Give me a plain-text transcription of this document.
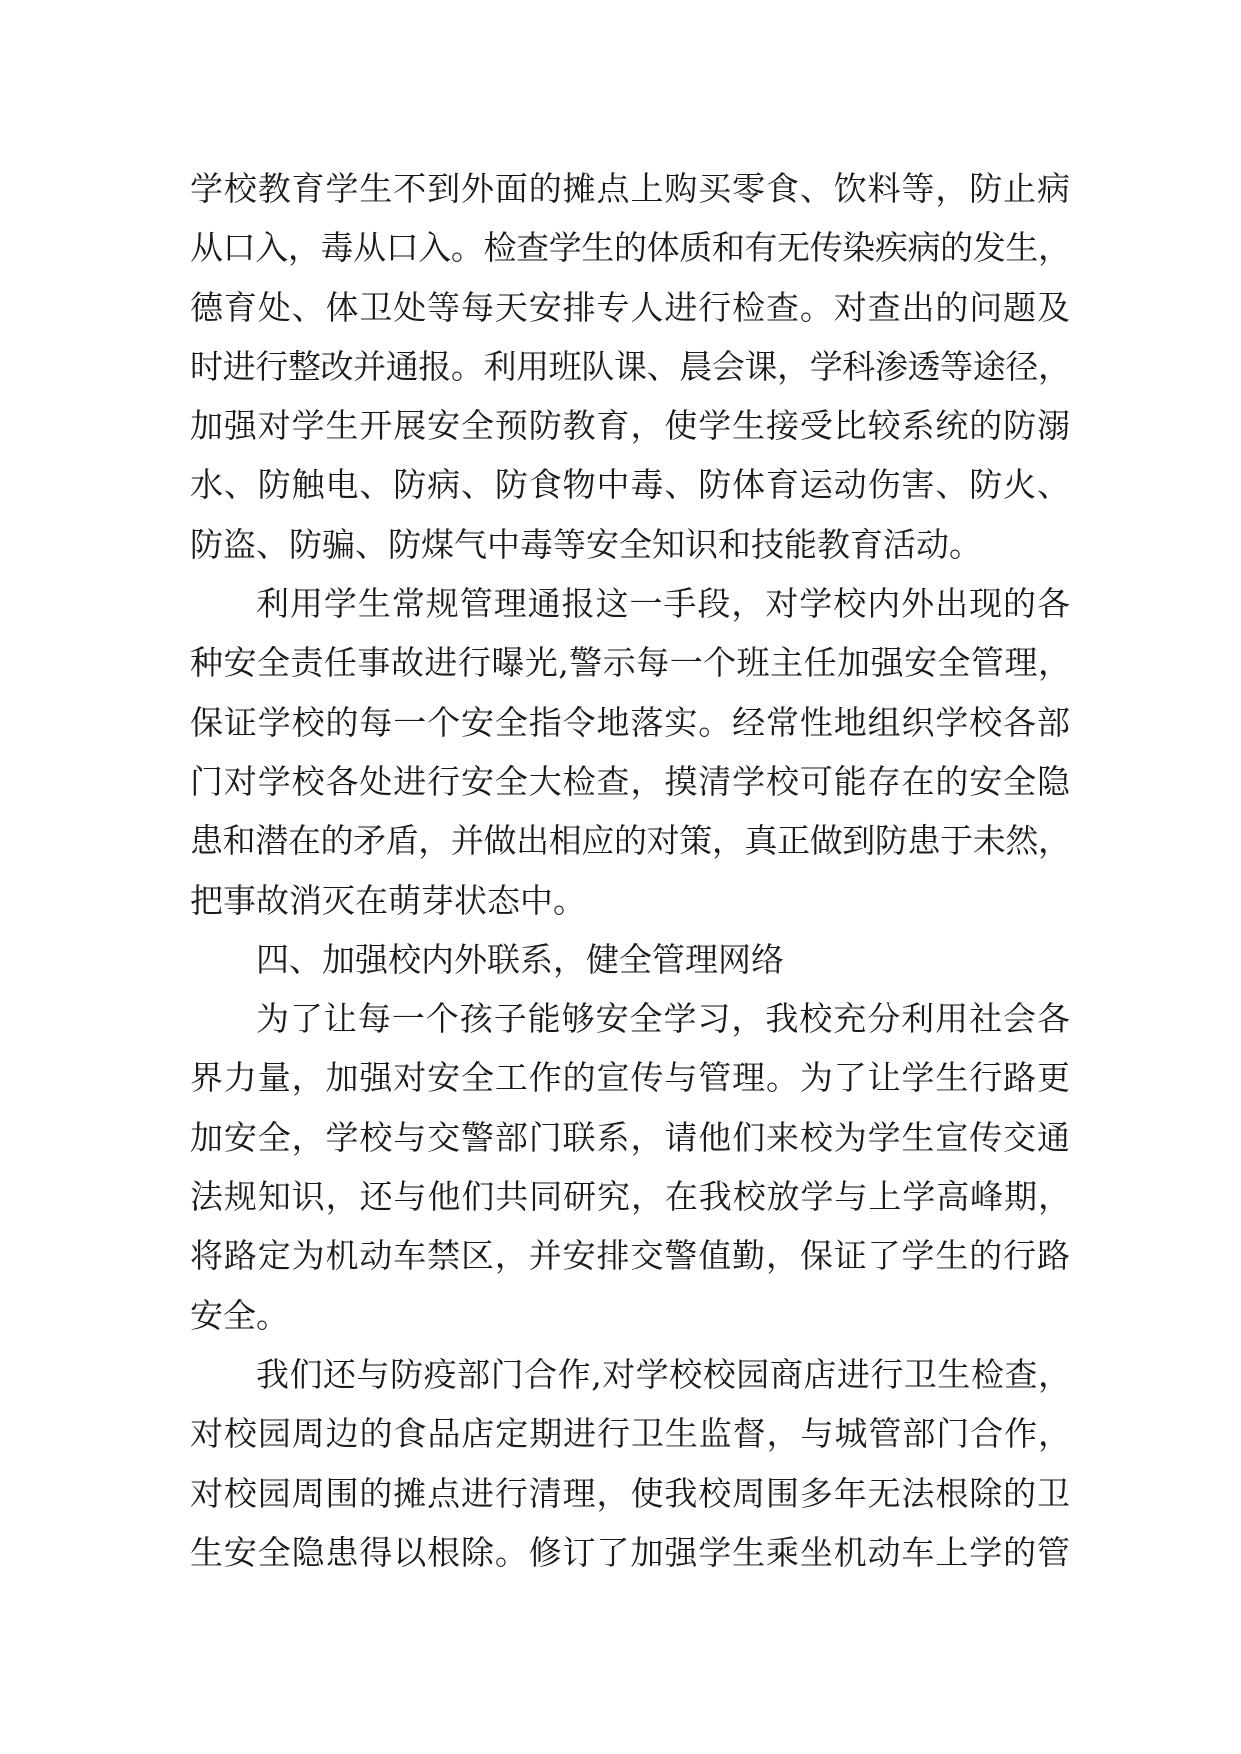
学校教育学生不到外面的摊点上购买零食、饮料等，防止病
从口入，毒从口入。检查学生的体质和有无传染疾病的发生，
德育处、体卫处等每天安排专人进行检查。对查出的问题及
时进行整改并通报。利用班队课、晨会课，学科渗透等途径，
加强对学生开展安全预防教育，使学生接受比较系统的防溺
水、防触电、防病、防食物中毒、防体育运动伤害、防火、
防盗、防骗、防煤气中毒等安全知识和技能教育活动。
利用学生常规管理通报这一手段，对学校内外出现的各
种安全责任事故进行曝光,警示每一个班主任加强安全管理，
保证学校的每一个安全指令地落实。经常性地组织学校各部
门对学校各处进行安全大检查，摸清学校可能存在的安全隐
患和潜在的矛盾，并做出相应的对策，真正做到防患于未然，
把事故消灭在萌芽状态中。
四、加强校内外联系，健全管理网络
为了让每一个孩子能够安全学习，我校充分利用社会各
界力量，加强对安全工作的宣传与管理。为了让学生行路更
加安全，学校与交警部门联系，请他们来校为学生宣传交通
法规知识，还与他们共同研究，在我校放学与上学高峰期，
将路定为机动车禁区，并安排交警值勤，保证了学生的行路
安全。
我们还与防疫部门合作,对学校校园商店进行卫生检查，
对校园周边的食品店定期进行卫生监督，与城管部门合作，
对校园周围的摊点进行清理，使我校周围多年无法根除的卫
生安全隐患得以根除。修订了加强学生乘坐机动车上学的管
